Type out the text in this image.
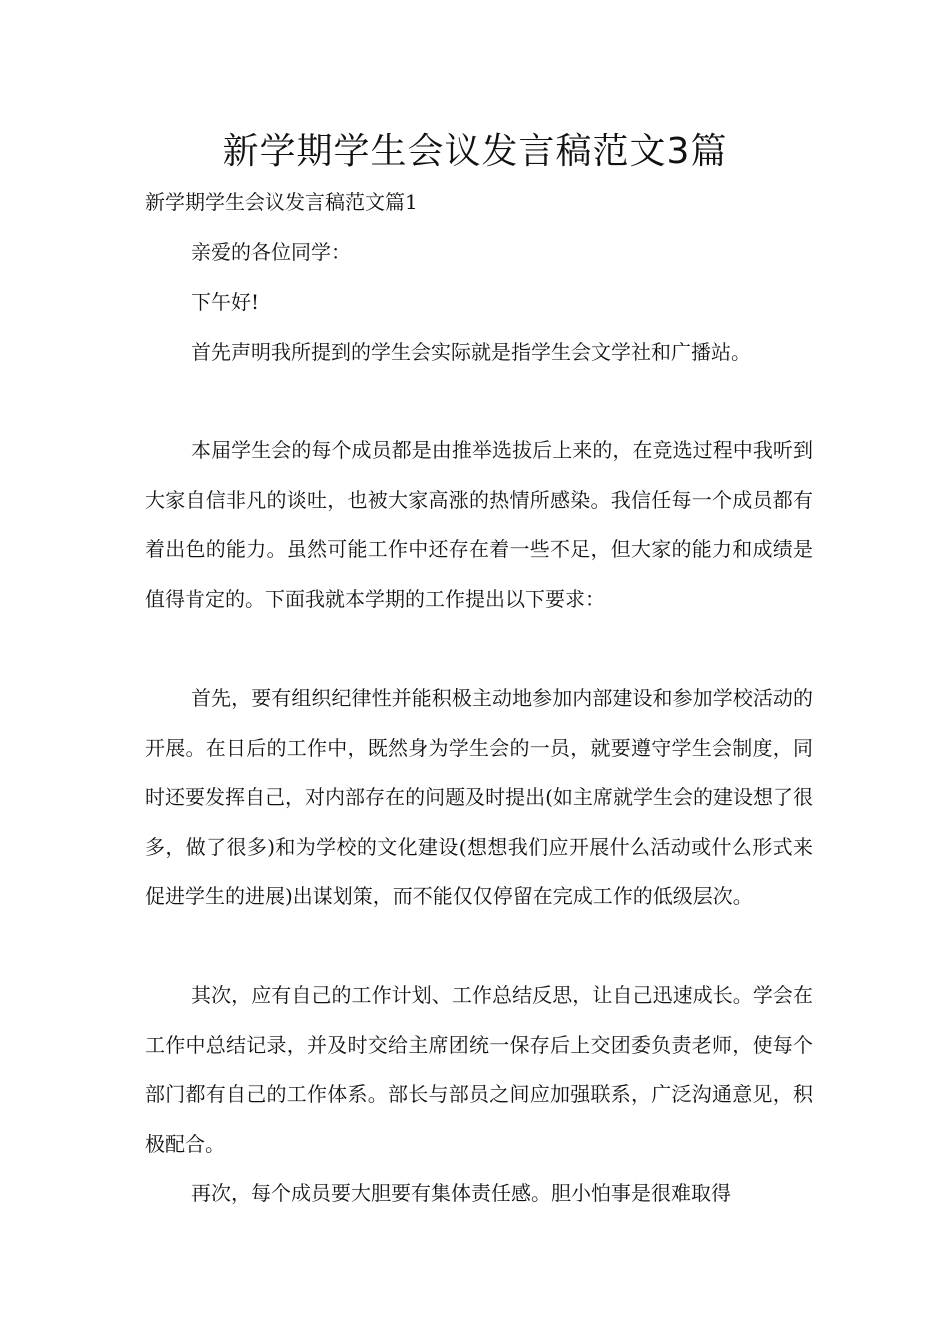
新学期学生会议发言稿范文3篇
新学期学生会议发言稿范文篇1
亲爱的各位同学：
下午好!
首先声明我所提到的学生会实际就是指学生会文学社和广播站。
本届学生会的每个成员都是由推举选拔后上来的，在竞选过程中我听到大家自信非凡的谈吐，也被大家高涨的热情所感染。我信任每一个成员都有着出色的能力。虽然可能工作中还存在着一些不足，但大家的能力和成绩是值得肯定的。下面我就本学期的工作提出以下要求：
首先，要有组织纪律性并能积极主动地参加内部建设和参加学校活动的开展。在日后的工作中，既然身为学生会的一员，就要遵守学生会制度，同时还要发挥自己，对内部存在的问题及时提出(如主席就学生会的建设想了很多，做了很多)和为学校的文化建设(想想我们应开展什么活动或什么形式来促进学生的进展)出谋划策，而不能仅仅停留在完成工作的低级层次。
其次，应有自己的工作计划、工作总结反思，让自己迅速成长。学会在工作中总结记录，并及时交给主席团统一保存后上交团委负责老师，使每个部门都有自己的工作体系。部长与部员之间应加强联系，广泛沟通意见，积极配合。
再次，每个成员要大胆要有集体责任感。胆小怕事是很难取得
